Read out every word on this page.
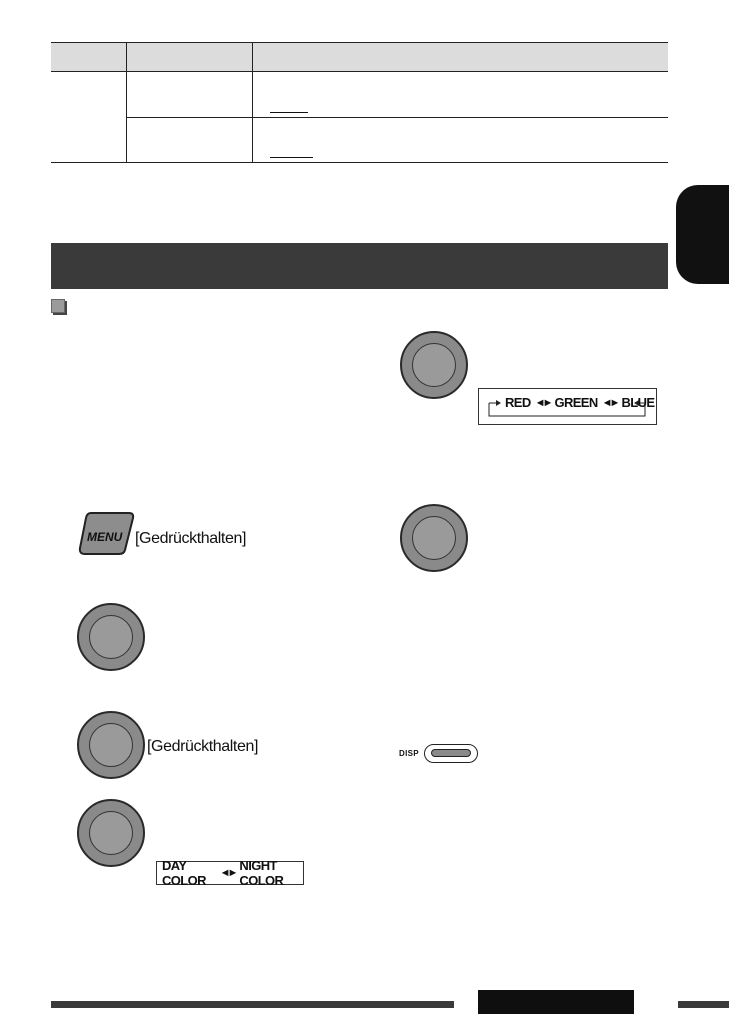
MENU [Gedrückthalten]
[Gedrückthalten]
DAY COLOR	◄► NIGHT COLOR
RED ◄► GREEN ◄► BLUE
DISP
